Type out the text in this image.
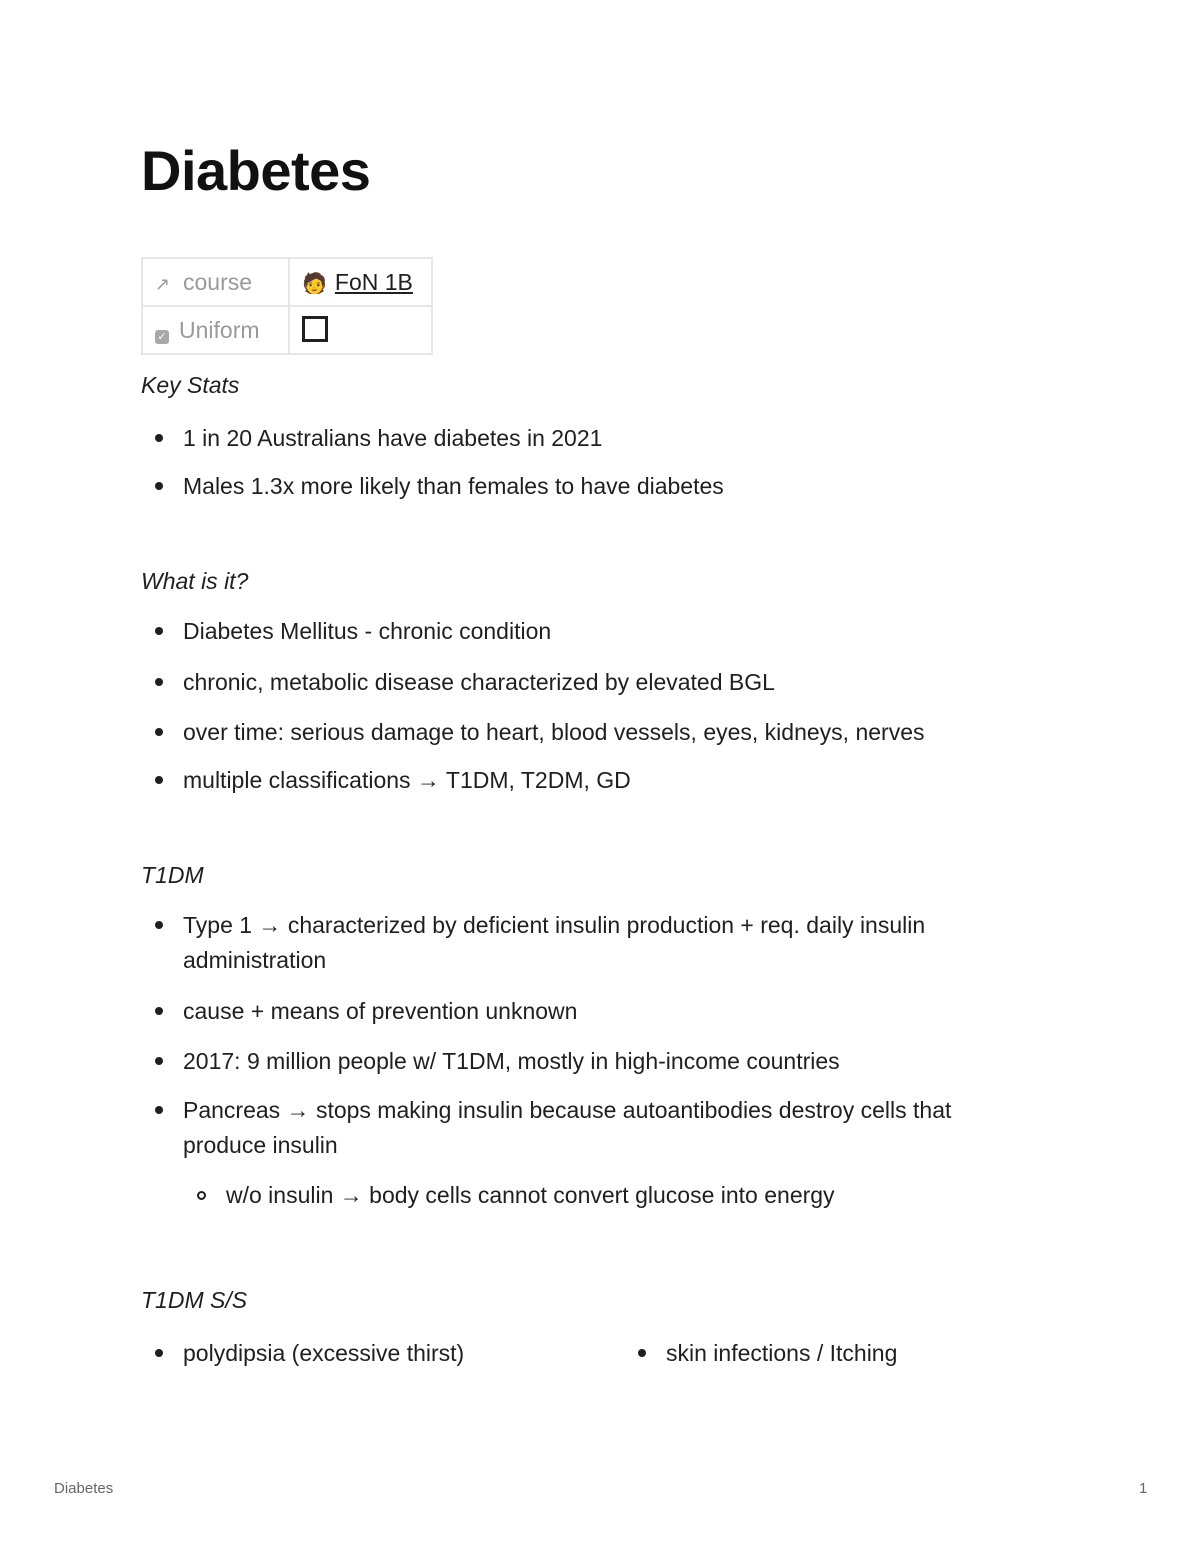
Diabetes
↗ course	🧑 FoN 1B
✓ Uniform	

Key Stats

1 in 20 Australians have diabetes in 2021

Males 1.3x more likely than females to have diabetes

What is it?

Diabetes Mellitus - chronic condition

chronic, metabolic disease characterized by elevated BGL

over time: serious damage to heart, blood vessels, eyes, kidneys, nerves

multiple classifications → T1DM, T2DM, GD

T1DM

Type 1 → characterized by deficient insulin production + req. daily insulin

administration

cause + means of prevention unknown

2017: 9 million people w/ T1DM, mostly in high-income countries

Pancreas → stops making insulin because autoantibodies destroy cells that

produce insulin

w/o insulin → body cells cannot convert glucose into energy

T1DM S/S

polydipsia (excessive thirst)	skin infections / Itching

Diabetes	1
